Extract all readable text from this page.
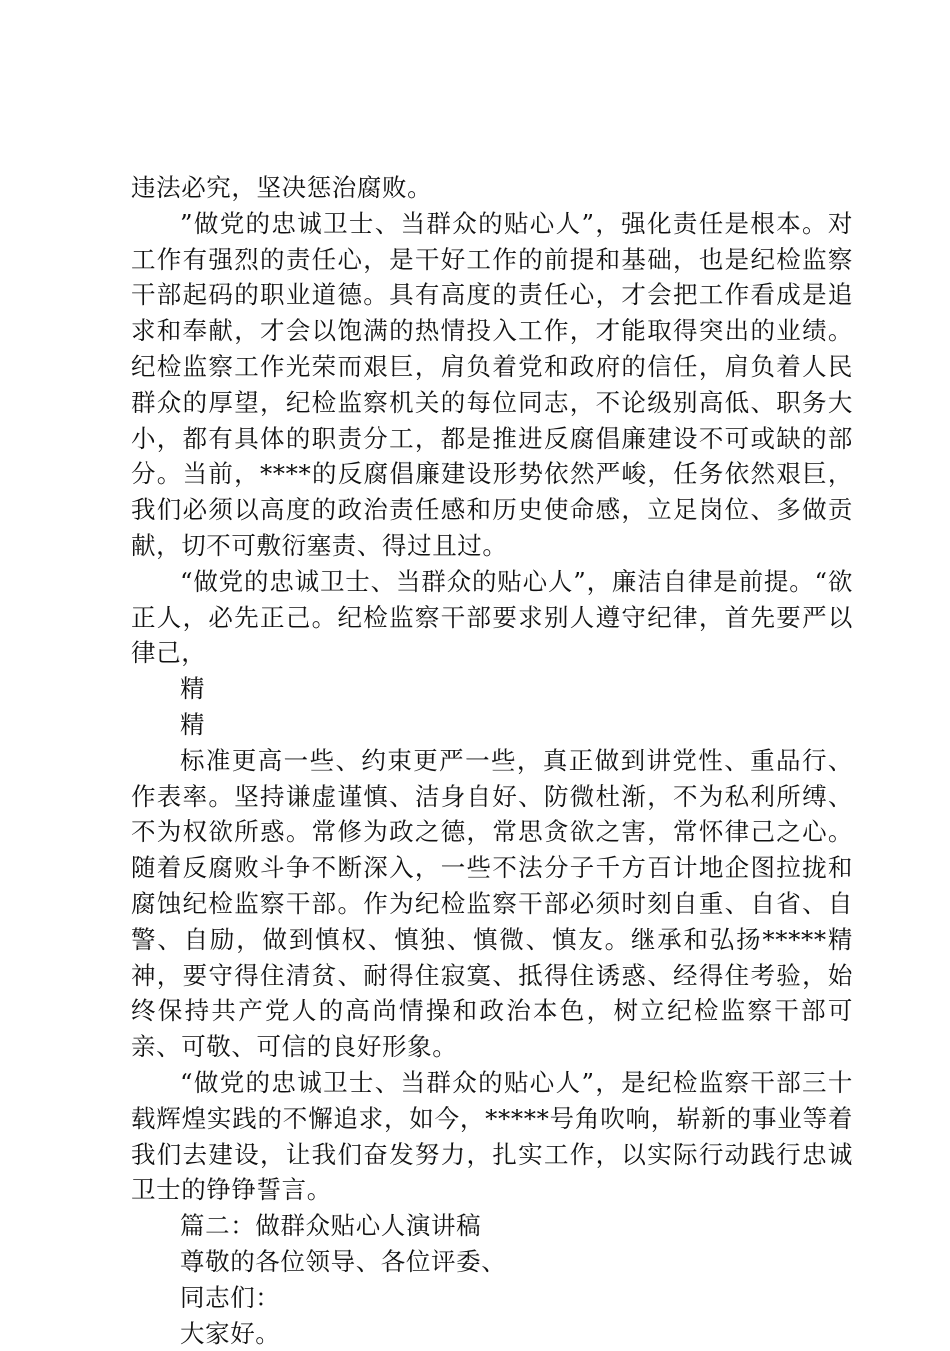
违法必究，坚决惩治腐败。

”做党的忠诚卫士、当群众的贴心人”，强化责任是根本。对工作有强烈的责任心，是干好工作的前提和基础，也是纪检监察干部起码的职业道德。具有高度的责任心，才会把工作看成是追求和奉献，才会以饱满的热情投入工作，才能取得突出的业绩。纪检监察工作光荣而艰巨，肩负着党和政府的信任，肩负着人民群众的厚望，纪检监察机关的每位同志，不论级别高低、职务大小，都有具体的职责分工，都是推进反腐倡廉建设不可或缺的部分。当前，****的反腐倡廉建设形势依然严峻，任务依然艰巨，我们必须以高度的政治责任感和历史使命感，立足岗位、多做贡献，切不可敷衍塞责、得过且过。

“做党的忠诚卫士、当群众的贴心人”，廉洁自律是前提。“欲正人，必先正己。纪检监察干部要求别人遵守纪律，首先要严以律己，

精

精

标准更高一些、约束更严一些，真正做到讲党性、重品行、作表率。坚持谦虚谨慎、洁身自好、防微杜渐，不为私利所缚、不为权欲所惑。常修为政之德，常思贪欲之害，常怀律己之心。随着反腐败斗争不断深入，一些不法分子千方百计地企图拉拢和腐蚀纪检监察干部。作为纪检监察干部必须时刻自重、自省、自警、自励，做到慎权、慎独、慎微、慎友。继承和弘扬*****精神，要守得住清贫、耐得住寂寞、抵得住诱惑、经得住考验，始终保持共产党人的高尚情操和政治本色，树立纪检监察干部可亲、可敬、可信的良好形象。

“做党的忠诚卫士、当群众的贴心人”，是纪检监察干部三十载辉煌实践的不懈追求，如今，*****号角吹响，崭新的事业等着我们去建设，让我们奋发努力，扎实工作，以实际行动践行忠诚卫士的铮铮誓言。

篇二：做群众贴心人演讲稿

尊敬的各位领导、各位评委、

同志们：

大家好。
